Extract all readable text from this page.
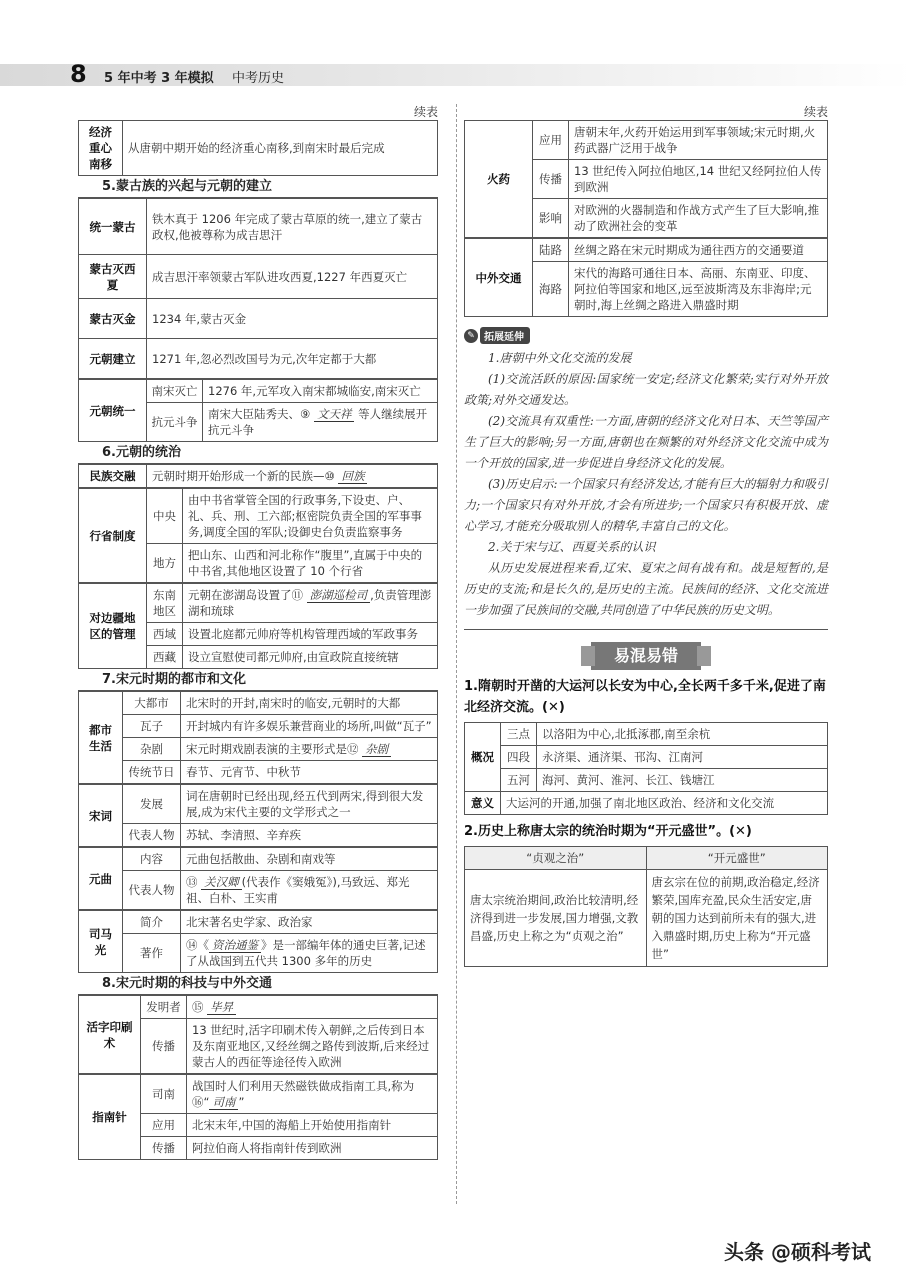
8 5 年中考 3 年模拟 中考历史
续表
经济重心南移	从唐朝中期开始的经济重心南移,到南宋时最后完成
5.蒙古族的兴起与元朝的建立
统一蒙古	铁木真于 1206 年完成了蒙古草原的统一,建立了蒙古政权,他被尊称为成吉思汗
蒙古灭西夏	成吉思汗率领蒙古军队进攻西夏,1227 年西夏灭亡
蒙古灭金	1234 年,蒙古灭金
元朝建立	1271 年,忽必烈改国号为元,次年定都于大都
元朝统一	南宋灭亡	1276 年,元军攻入南宋都城临安,南宋灭亡
	抗元斗争	南宋大臣陆秀夫、⑨ 文天祥 等人继续展开抗元斗争
6.元朝的统治
民族交融	元朝时期开始形成一个新的民族—⑩ 回族
行省制度	中央	由中书省掌管全国的行政事务,下设吏、户、礼、兵、刑、工六部;枢密院负责全国的军事事务,调度全国的军队;设御史台负责监察事务
	地方	把山东、山西和河北称作“腹里”,直属于中央的中书省,其他地区设置了 10 个行省
对边疆地区的管理	东南地区	元朝在澎湖岛设置了⑪ 澎湖巡检司 ,负责管理澎湖和琉球
	西域	设置北庭都元帅府等机构管理西域的军政事务
	西藏	设立宣慰使司都元帅府,由宣政院直接统辖
7.宋元时期的都市和文化
都市生活	大都市	北宋时的开封,南宋时的临安,元朝时的大都
	瓦子	开封城内有许多娱乐兼营商业的场所,叫做“瓦子”
	杂剧	宋元时期戏剧表演的主要形式是⑫ 杂剧
	传统节日	春节、元宵节、中秋节
宋词	发展	词在唐朝时已经出现,经五代到两宋,得到很大发展,成为宋代主要的文学形式之一
	代表人物	苏轼、李清照、辛弃疾
元曲	内容	元曲包括散曲、杂剧和南戏等
	代表人物	⑬ 关汉卿 (代表作《窦娥冤》),马致远、郑光祖、白朴、王实甫
司马光	简介	北宋著名史学家、政治家
	著作	⑭《 资治通鉴 》是一部编年体的通史巨著,记述了从战国到五代共 1300 多年的历史
8.宋元时期的科技与中外交通
活字印刷术	发明者	⑮ 毕昇
	传播	13 世纪时,活字印刷术传入朝鲜,之后传到日本及东南亚地区,又经丝绸之路传到波斯,后来经过蒙古人的西征等途径传入欧洲
指南针	司南	战国时人们利用天然磁铁做成指南工具,称为⑯“ 司南 ”
	应用	北宋末年,中国的海船上开始使用指南针
	传播	阿拉伯商人将指南针传到欧洲
续表
火药	应用	唐朝末年,火药开始运用到军事领域;宋元时期,火药武器广泛用于战争
	传播	13 世纪传入阿拉伯地区,14 世纪又经阿拉伯人传到欧洲
	影响	对欧洲的火器制造和作战方式产生了巨大影响,推动了欧洲社会的变革
中外交通	陆路	丝绸之路在宋元时期成为通往西方的交通要道
	海路	宋代的海路可通往日本、高丽、东南亚、印度、阿拉伯等国家和地区,远至波斯湾及东非海岸;元朝时,海上丝绸之路进入鼎盛时期
✎ 拓展延伸

1.唐朝中外文化交流的发展

(1)交流活跃的原因:国家统一安定;经济文化繁荣;实行对外开放政策;对外交通发达。

(2)交流具有双重性:一方面,唐朝的经济文化对日本、天竺等国产生了巨大的影响;另一方面,唐朝也在频繁的对外经济文化交流中成为一个开放的国家,进一步促进自身经济文化的发展。

(3)历史启示:一个国家只有经济发达,才能有巨大的辐射力和吸引力;一个国家只有对外开放,才会有所进步;一个国家只有积极开放、虚心学习,才能充分吸取别人的精华,丰富自己的文化。

2.关于宋与辽、西夏关系的认识

从历史发展进程来看,辽宋、夏宋之间有战有和。战是短暂的,是历史的支流;和是长久的,是历史的主流。民族间的经济、文化交流进一步加强了民族间的交融,共同创造了中华民族的历史文明。

易混易错
1.隋朝时开凿的大运河以长安为中心,全长两千多千米,促进了南北经济交流。(✕)
概况	三点	以洛阳为中心,北抵涿郡,南至余杭
	四段	永济渠、通济渠、邗沟、江南河
	五河	海河、黄河、淮河、长江、钱塘江
意义	大运河的开通,加强了南北地区政治、经济和文化交流	
2.历史上称唐太宗的统治时期为“开元盛世”。(✕)
“贞观之治”	“开元盛世”
唐太宗统治期间,政治比较清明,经济得到进一步发展,国力增强,文教昌盛,历史上称之为“贞观之治”	唐玄宗在位的前期,政治稳定,经济繁荣,国库充盈,民众生活安定,唐朝的国力达到前所未有的强大,进入鼎盛时期,历史上称为“开元盛世”
头条 @硕科考试
